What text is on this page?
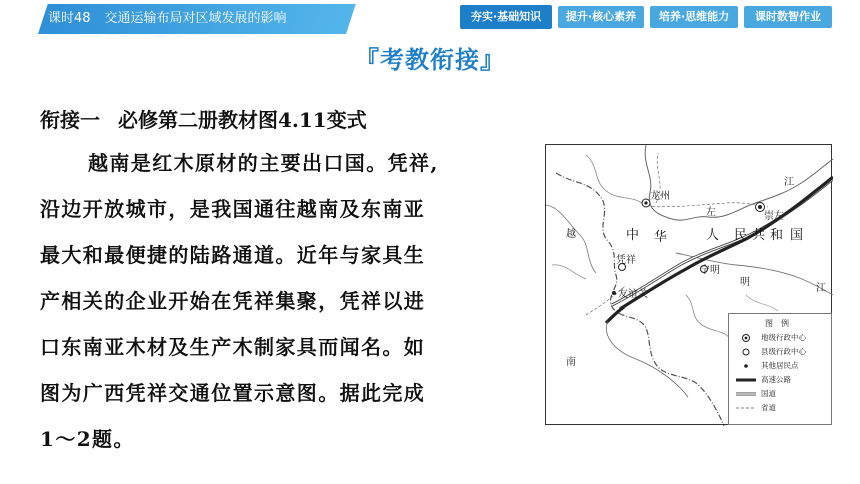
课时48 交通运输布局对区域发展的影响	夯实·基础知识	提升·核心素养	培养·思维能力	课时数智作业
『考教衔接』
衔接一 必修第二册教材图4.11变式
越南是红木原材的主要出口国。凭祥,
沿边开放城市，是我国通往越南及东南亚
最大和最便捷的陆路通道。近年与家具生
产相关的企业开始在凭祥集聚，凭祥以进
口东南亚木材及生产木制家具而闻名。如
图为广西凭祥交通位置示意图。据此完成
1～2题。
龙州
崇左
凭祥
宁明
友谊关
中 华	人 民 共 和 国
越
南
左
江
明
江
图例
地级行政中心
县级行政中心
其他居民点
高速公路
国道
省道
